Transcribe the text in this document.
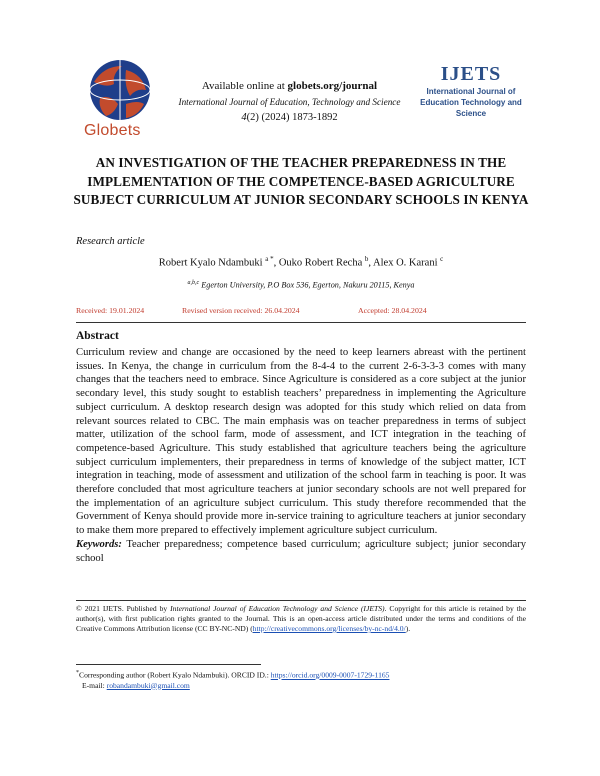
Globets
Available online at globets.org/journal
International Journal of Education, Technology and Science
4(2) (2024) 1873-1892
IJETS
International Journal of Education Technology and Science
AN INVESTIGATION OF THE TEACHER PREPAREDNESS IN THE IMPLEMENTATION OF THE COMPETENCE-BASED AGRICULTURE SUBJECT CURRICULUM AT JUNIOR SECONDARY SCHOOLS IN KENYA
Research article
Robert Kyalo Ndambuki $^{a *}$, Ouko Robert Recha $^b$, Alex O. Karani $^c$
$^{a,b,c}$ Egerton University, P.O Box 536, Egerton, Nakuru 20115, Kenya
Received: 19.01.2024	Revised version received: 26.04.2024	Accepted: 28.04.2024
Abstract
Curriculum review and change are occasioned by the need to keep learners abreast with the pertinent issues. In Kenya, the change in curriculum from the 8-4-4 to the current 2-6-3-3-3 comes with many changes that the teachers need to embrace. Since Agriculture is considered as a core subject at the junior secondary level, this study sought to establish teachers’ preparedness in implementing the Agriculture subject curriculum. A desktop research design was adopted for this study which relied on data from relevant sources related to CBC. The main emphasis was on teacher preparedness in terms of subject matter, utilization of the school farm, mode of assessment, and ICT integration in the teaching of competence-based Agriculture. This study established that agriculture teachers being the agriculture subject curriculum implementers, their preparedness in terms of knowledge of the subject matter, ICT integration in teaching, mode of assessment and utilization of the school farm in teaching is poor. It was therefore concluded that most agriculture teachers at junior secondary schools are not well prepared for the implementation of an agriculture subject curriculum. This study therefore recommended that the Government of Kenya should provide more in-service training to agriculture teachers at junior secondary to make them more prepared to effectively implement agriculture subject curriculum.
Keywords: Teacher preparedness; competence based curriculum; agriculture subject; junior secondary school
© 2021 IJETS. Published by International Journal of Education Technology and Science (IJETS). Copyright for this article is retained by the author(s), with first publication rights granted to the Journal. This is an open-access article distributed under the terms and conditions of the Creative Commons Attribution license (CC BY-NC-ND) (http://creativecommons.org/licenses/by-nc-nd/4.0/).
*Corresponding author (Robert Kyalo Ndambuki). ORCID ID.: https://orcid.org/0009-0007-1729-1165
E-mail: robandambuki@gmail.com
